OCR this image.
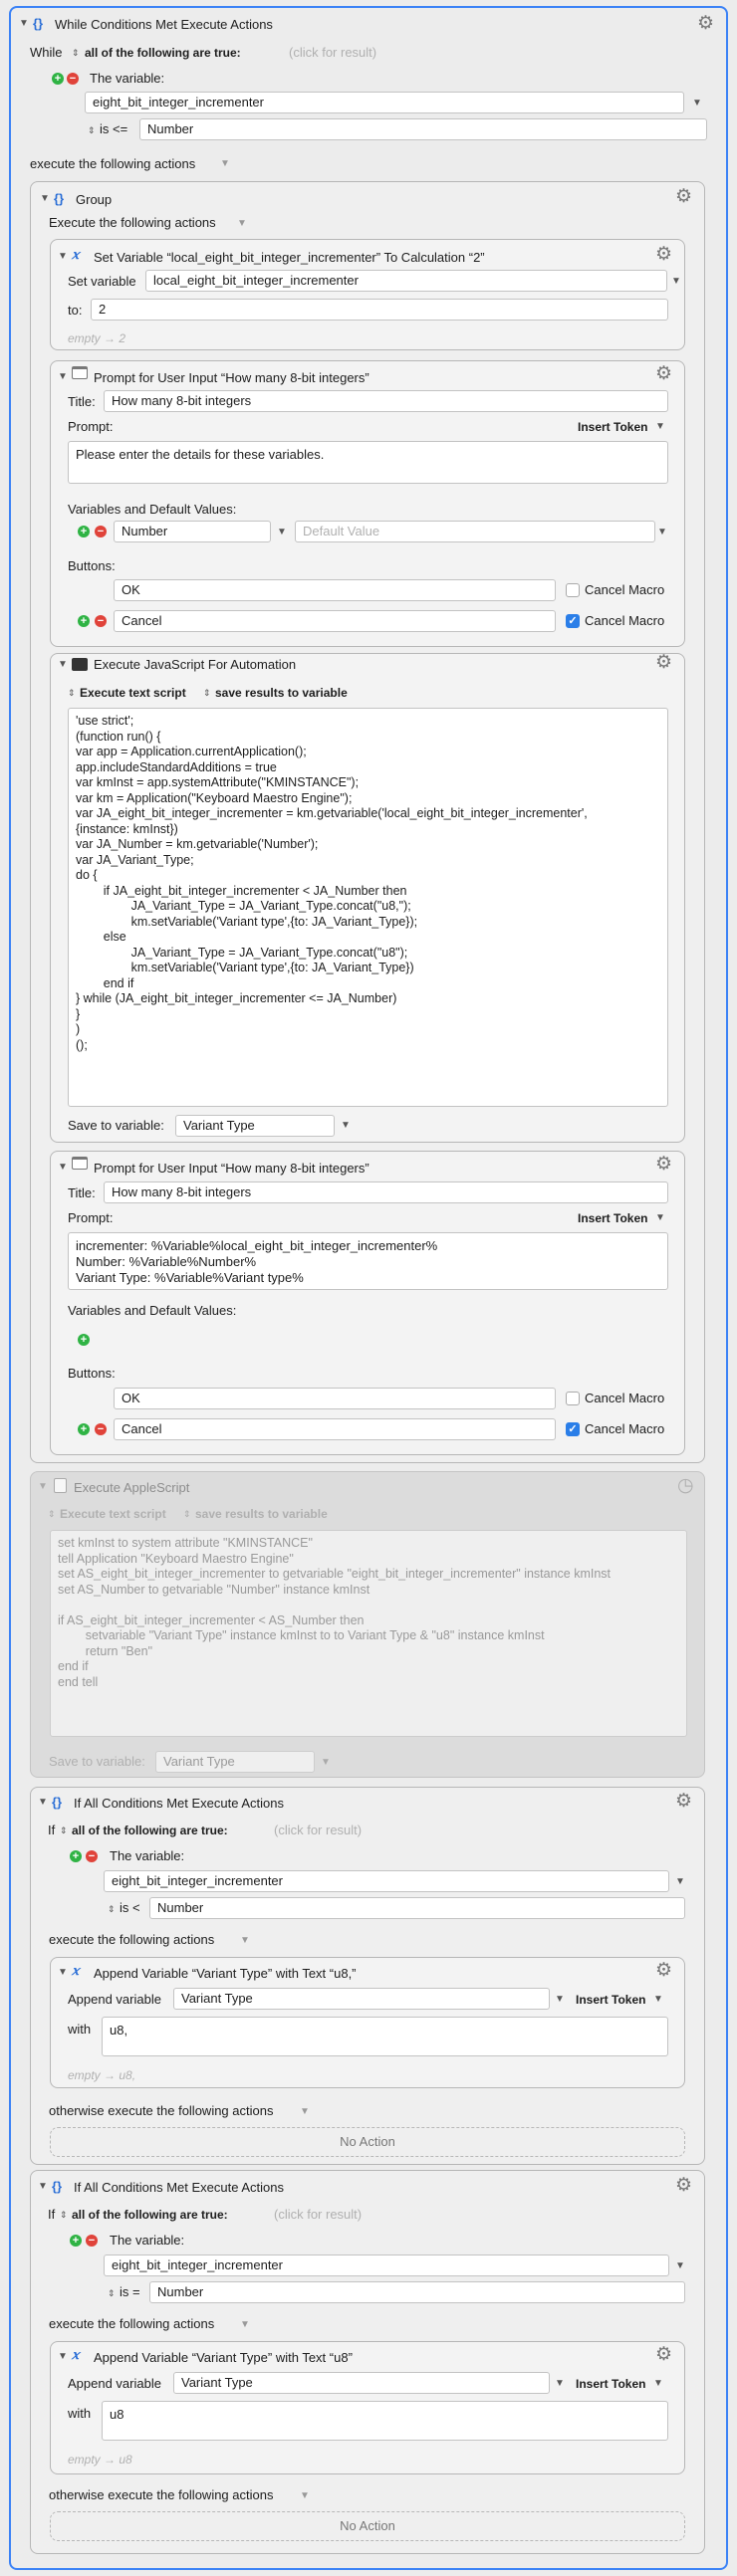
▼ {} While Conditions Met Execute Actions	⚙
While ⇕ all of the following are true:	(click for result)
+ − The variable:
eight_bit_integer_incrementer	▼
⇕ is <=	Number
execute the following actions ▼
▼ {} Group	⚙
Execute the following actions ▼
▼ 𝑥 Set Variable “local_eight_bit_integer_incrementer” To Calculation “2”	⚙
Set variable	local_eight_bit_integer_incrementer	▼
to:	2
empty → 2
▼ Prompt for User Input “How many 8-bit integers”	⚙
Title:	How many 8-bit integers
Prompt:	Insert Token ▼
Please enter the details for these variables.
Variables and Default Values:
+ −	Number	▼	Default Value	▼
Buttons:
OK	Cancel Macro
+ −	Cancel	✓ Cancel Macro
▼ Execute JavaScript For Automation	⚙
⇕ Execute text script ⇕ save results to variable
'use strict';
(function run() {
var app = Application.currentApplication();
app.includeStandardAdditions = true
var kmInst = app.systemAttribute("KMINSTANCE");
var km = Application("Keyboard Maestro Engine");
var JA_eight_bit_integer_incrementer = km.getvariable('local_eight_bit_integer_incrementer',
{instance: kmInst})
var JA_Number = km.getvariable('Number');
var JA_Variant_Type;
do {
if JA_eight_bit_integer_incrementer < JA_Number then
JA_Variant_Type = JA_Variant_Type.concat("u8,");
km.setVariable('Variant type',{to: JA_Variant_Type});
else
JA_Variant_Type = JA_Variant_Type.concat("u8");
km.setVariable('Variant type',{to: JA_Variant_Type})
end if
} while (JA_eight_bit_integer_incrementer <= JA_Number)
}
)
();
Save to variable:	Variant Type	▼
▼ Prompt for User Input “How many 8-bit integers”	⚙
Title:	How many 8-bit integers
Prompt:	Insert Token ▼
incrementer: %Variable%local_eight_bit_integer_incrementer%
Number: %Variable%Number%
Variant Type: %Variable%Variant type%
Variables and Default Values:
+
Buttons:
OK	Cancel Macro
+ −	Cancel	✓ Cancel Macro
set kmInst to system attribute "KMINSTANCE"
tell Application "Keyboard Maestro Engine"
set AS_eight_bit_integer_incrementer to getvariable "eight_bit_integer_incrementer" instance kmInst
set AS_Number to getvariable "Number" instance kmInst

if AS_eight_bit_integer_incrementer < AS_Number then
setvariable "Variant Type" instance kmInst to to Variant Type & "u8" instance kmInst
return "Ben"
end if
end tell
Variant Type
▼ Execute AppleScript	◷
⇕ Execute text script ⇕ save results to variable
Save to variable:	▼
▼ {} If All Conditions Met Execute Actions	⚙
If ⇕ all of the following are true:	(click for result)
+ − The variable:
eight_bit_integer_incrementer	▼
⇕ is <	Number
execute the following actions	▼
▼ 𝑥 Append Variable “Variant Type” with Text “u8,”	⚙
Append variable	Variant Type	▼ Insert Token ▼
with	u8,
empty → u8,
otherwise execute the following actions	▼
No Action
▼ {} If All Conditions Met Execute Actions	⚙
If ⇕ all of the following are true:	(click for result)
+ − The variable:
eight_bit_integer_incrementer	▼
⇕ is =	Number
execute the following actions	▼
▼ 𝑥 Append Variable “Variant Type” with Text “u8”	⚙
Append variable	Variant Type	▼ Insert Token ▼
with	u8
empty → u8
otherwise execute the following actions	▼
No Action
